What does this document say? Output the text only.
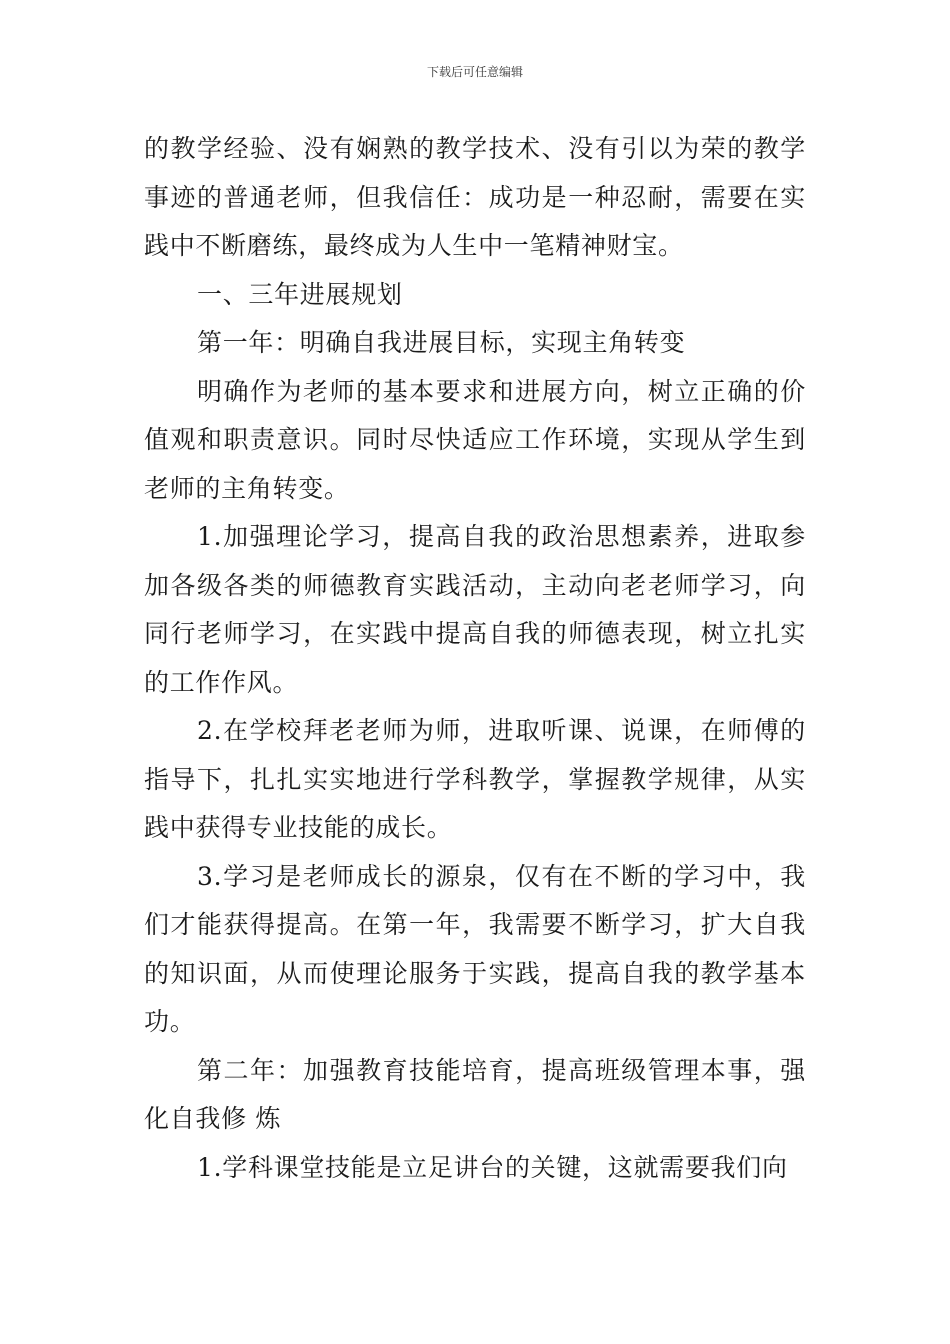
下载后可任意编辑

的教学经验、没有娴熟的教学技术、没有引以为荣的教学事迹的普通老师，但我信任：成功是一种忍耐，需要在实践中不断磨练，最终成为人生中一笔精神财宝。

一、三年进展规划

第一年：明确自我进展目标，实现主角转变

明确作为老师的基本要求和进展方向，树立正确的价值观和职责意识。同时尽快适应工作环境，实现从学生到老师的主角转变。

1.加强理论学习，提高自我的政治思想素养，进取参加各级各类的师德教育实践活动，主动向老老师学习，向同行老师学习，在实践中提高自我的师德表现，树立扎实的工作作风。

2.在学校拜老老师为师，进取听课、说课，在师傅的指导下，扎扎实实地进行学科教学，掌握教学规律，从实践中获得专业技能的成长。

3.学习是老师成长的源泉，仅有在不断的学习中，我们才能获得提高。在第一年，我需要不断学习，扩大自我的知识面，从而使理论服务于实践，提高自我的教学基本功。

第二年：加强教育技能培育，提高班级管理本事，强化自我修 炼

1.学科课堂技能是立足讲台的关键，这就需要我们向
